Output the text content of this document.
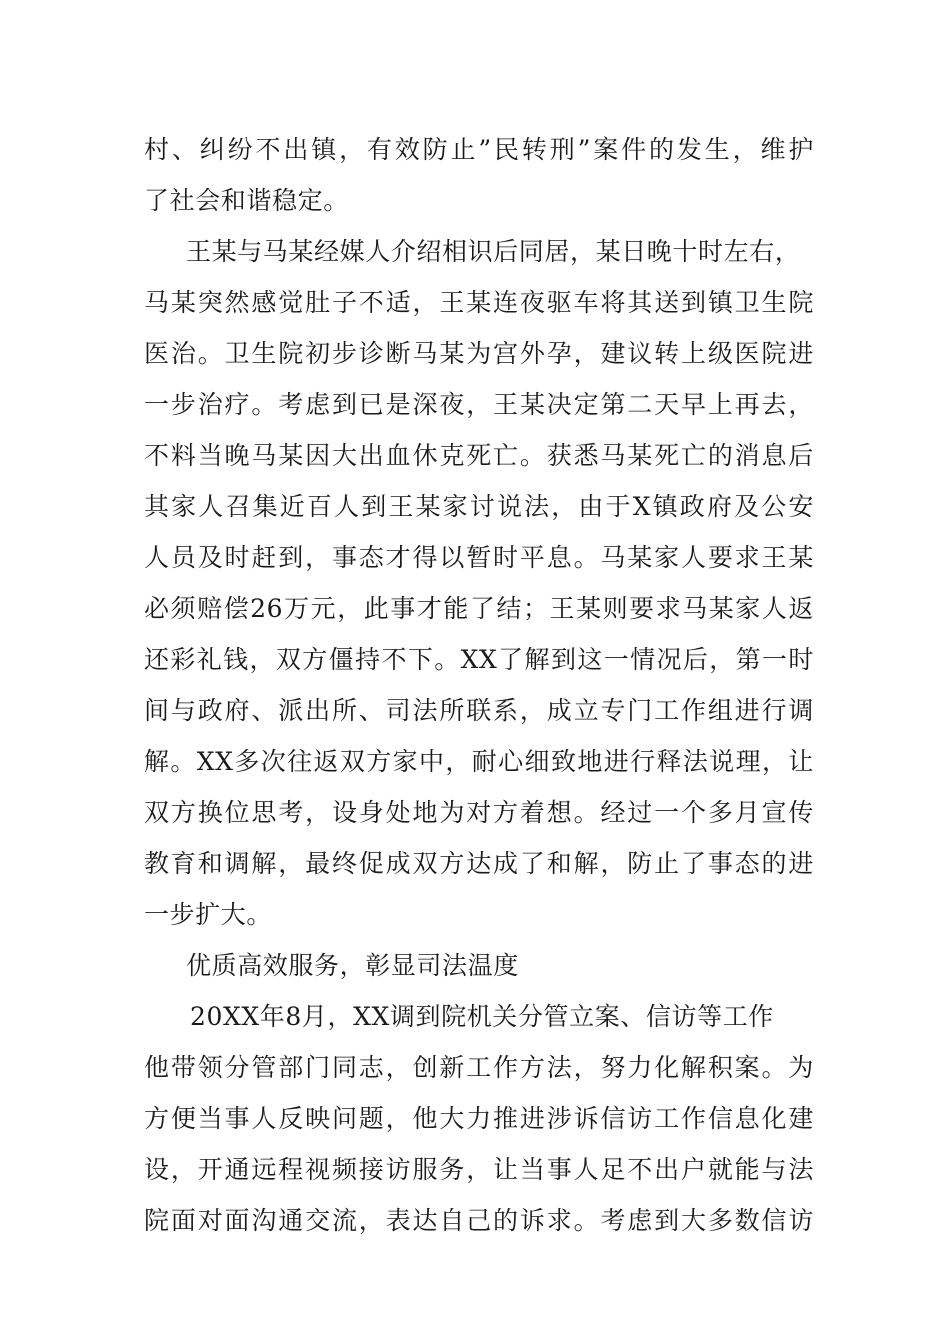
村、纠纷不出镇，有效防止”民转刑”案件的发生，维护
了社会和谐稳定。
王某与马某经媒人介绍相识后同居，某日晚十时左右，
马某突然感觉肚子不适，王某连夜驱车将其送到镇卫生院
医治。卫生院初步诊断马某为宫外孕，建议转上级医院进
一步治疗。考虑到已是深夜，王某决定第二天早上再去，
不料当晚马某因大出血休克死亡。获悉马某死亡的消息后
其家人召集近百人到王某家讨说法，由于X镇政府及公安
人员及时赶到，事态才得以暂时平息。马某家人要求王某
必须赔偿26万元，此事才能了结；王某则要求马某家人返
还彩礼钱，双方僵持不下。XX了解到这一情况后，第一时
间与政府、派出所、司法所联系，成立专门工作组进行调
解。XX多次往返双方家中，耐心细致地进行释法说理，让
双方换位思考，设身处地为对方着想。经过一个多月宣传
教育和调解，最终促成双方达成了和解，防止了事态的进
一步扩大。
优质高效服务，彰显司法温度
20XX年8月，XX调到院机关分管立案、信访等工作
他带领分管部门同志，创新工作方法，努力化解积案。为
方便当事人反映问题，他大力推进涉诉信访工作信息化建
设，开通远程视频接访服务，让当事人足不出户就能与法
院面对面沟通交流，表达自己的诉求。考虑到大多数信访
